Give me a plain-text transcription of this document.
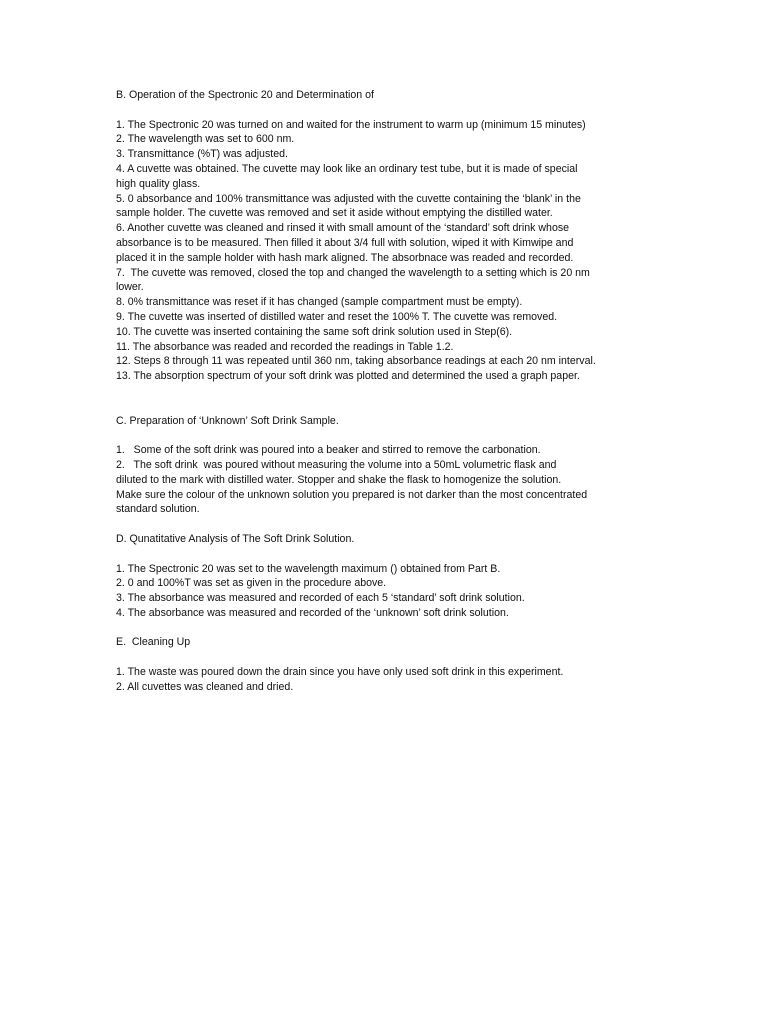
B. Operation of the Spectronic 20 and Determination of
1. The Spectronic 20 was turned on and waited for the instrument to warm up (minimum 15 minutes)
2. The wavelength was set to 600 nm.
3. Transmittance (%T) was adjusted.
4. A cuvette was obtained. The cuvette may look like an ordinary test tube, but it is made of special
high quality glass.
5. 0 absorbance and 100% transmittance was adjusted with the cuvette containing the ‘blank’ in the
sample holder. The cuvette was removed and set it aside without emptying the distilled water.
6. Another cuvette was cleaned and rinsed it with small amount of the ‘standard’ soft drink whose
absorbance is to be measured. Then filled it about 3/4 full with solution, wiped it with Kimwipe and
placed it in the sample holder with hash mark aligned. The absorbnace was readed and recorded.
7.  The cuvette was removed, closed the top and changed the wavelength to a setting which is 20 nm
lower.
8. 0% transmittance was reset if it has changed (sample compartment must be empty).
9. The cuvette was inserted of distilled water and reset the 100% T. The cuvette was removed.
10. The cuvette was inserted containing the same soft drink solution used in Step(6).
11. The absorbance was readed and recorded the readings in Table 1.2.
12. Steps 8 through 11 was repeated until 360 nm, taking absorbance readings at each 20 nm interval.
13. The absorption spectrum of your soft drink was plotted and determined the used a graph paper.
C. Preparation of ‘Unknown’ Soft Drink Sample.
1.   Some of the soft drink was poured into a beaker and stirred to remove the carbonation.
2.   The soft drink  was poured without measuring the volume into a 50mL volumetric flask and
diluted to the mark with distilled water. Stopper and shake the flask to homogenize the solution.
Make sure the colour of the unknown solution you prepared is not darker than the most concentrated
standard solution.
D. Qunatitative Analysis of The Soft Drink Solution.
1. The Spectronic 20 was set to the wavelength maximum () obtained from Part B.
2. 0 and 100%T was set as given in the procedure above.
3. The absorbance was measured and recorded of each 5 ‘standard’ soft drink solution.
4. The absorbance was measured and recorded of the ‘unknown’ soft drink solution.
E.  Cleaning Up
1. The waste was poured down the drain since you have only used soft drink in this experiment.
2. All cuvettes was cleaned and dried.
